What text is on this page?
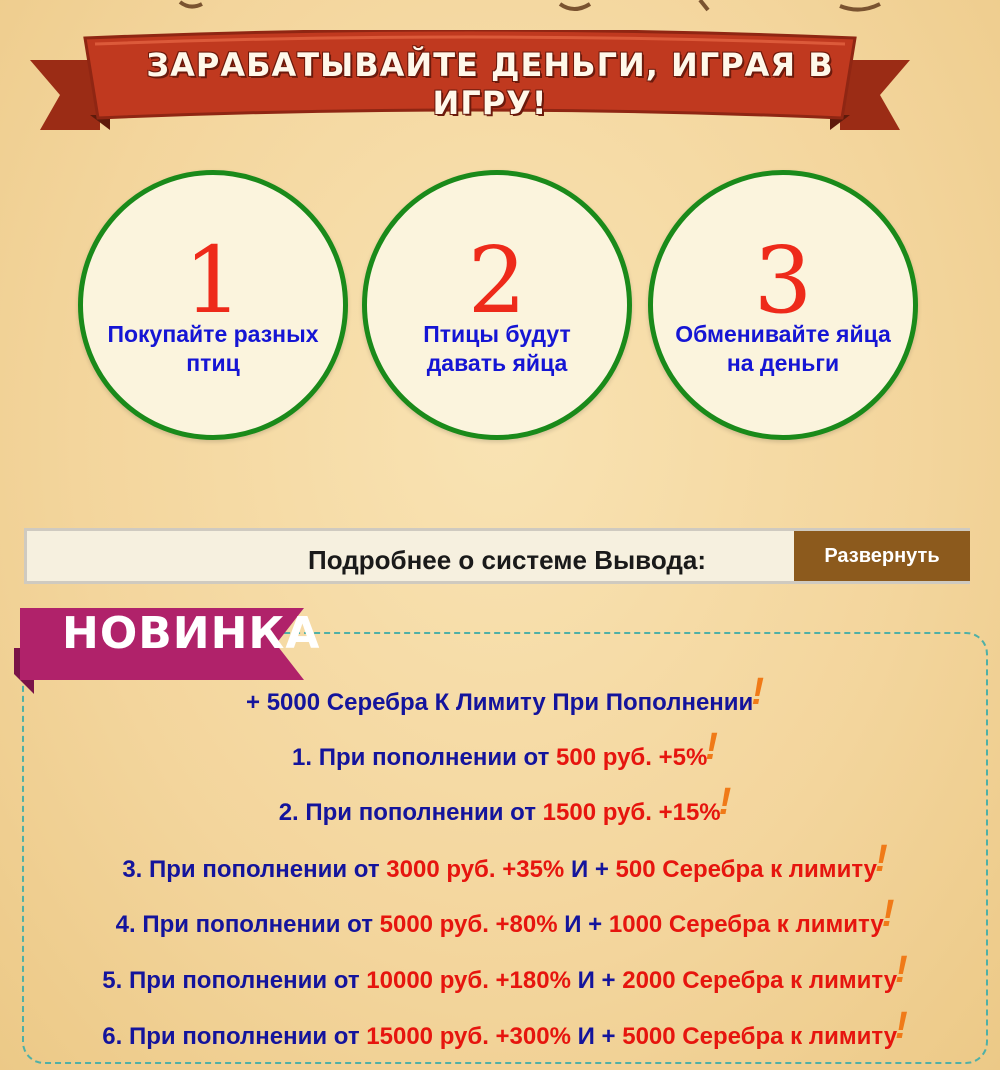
ЗАРАБАТЫВАЙТЕ ДЕНЬГИ, ИГРАЯ В ИГРУ!
1
Покупайте разных птиц
2
Птицы будут давать яйца
3
Обменивайте яйца на деньги
Подробнее о системе Вывода:	Развернуть
НОВИНКА
+ 5000 Серебра К Лимиту При Пополнении!
1. При пополнении от 500 руб. +5%!
2. При пополнении от 1500 руб. +15%!
3. При пополнении от 3000 руб. +35% И + 500 Серебра к лимиту!
4. При пополнении от 5000 руб. +80% И + 1000 Серебра к лимиту!
5. При пополнении от 10000 руб. +180% И + 2000 Серебра к лимиту!
6. При пополнении от 15000 руб. +300% И + 5000 Серебра к лимиту!
